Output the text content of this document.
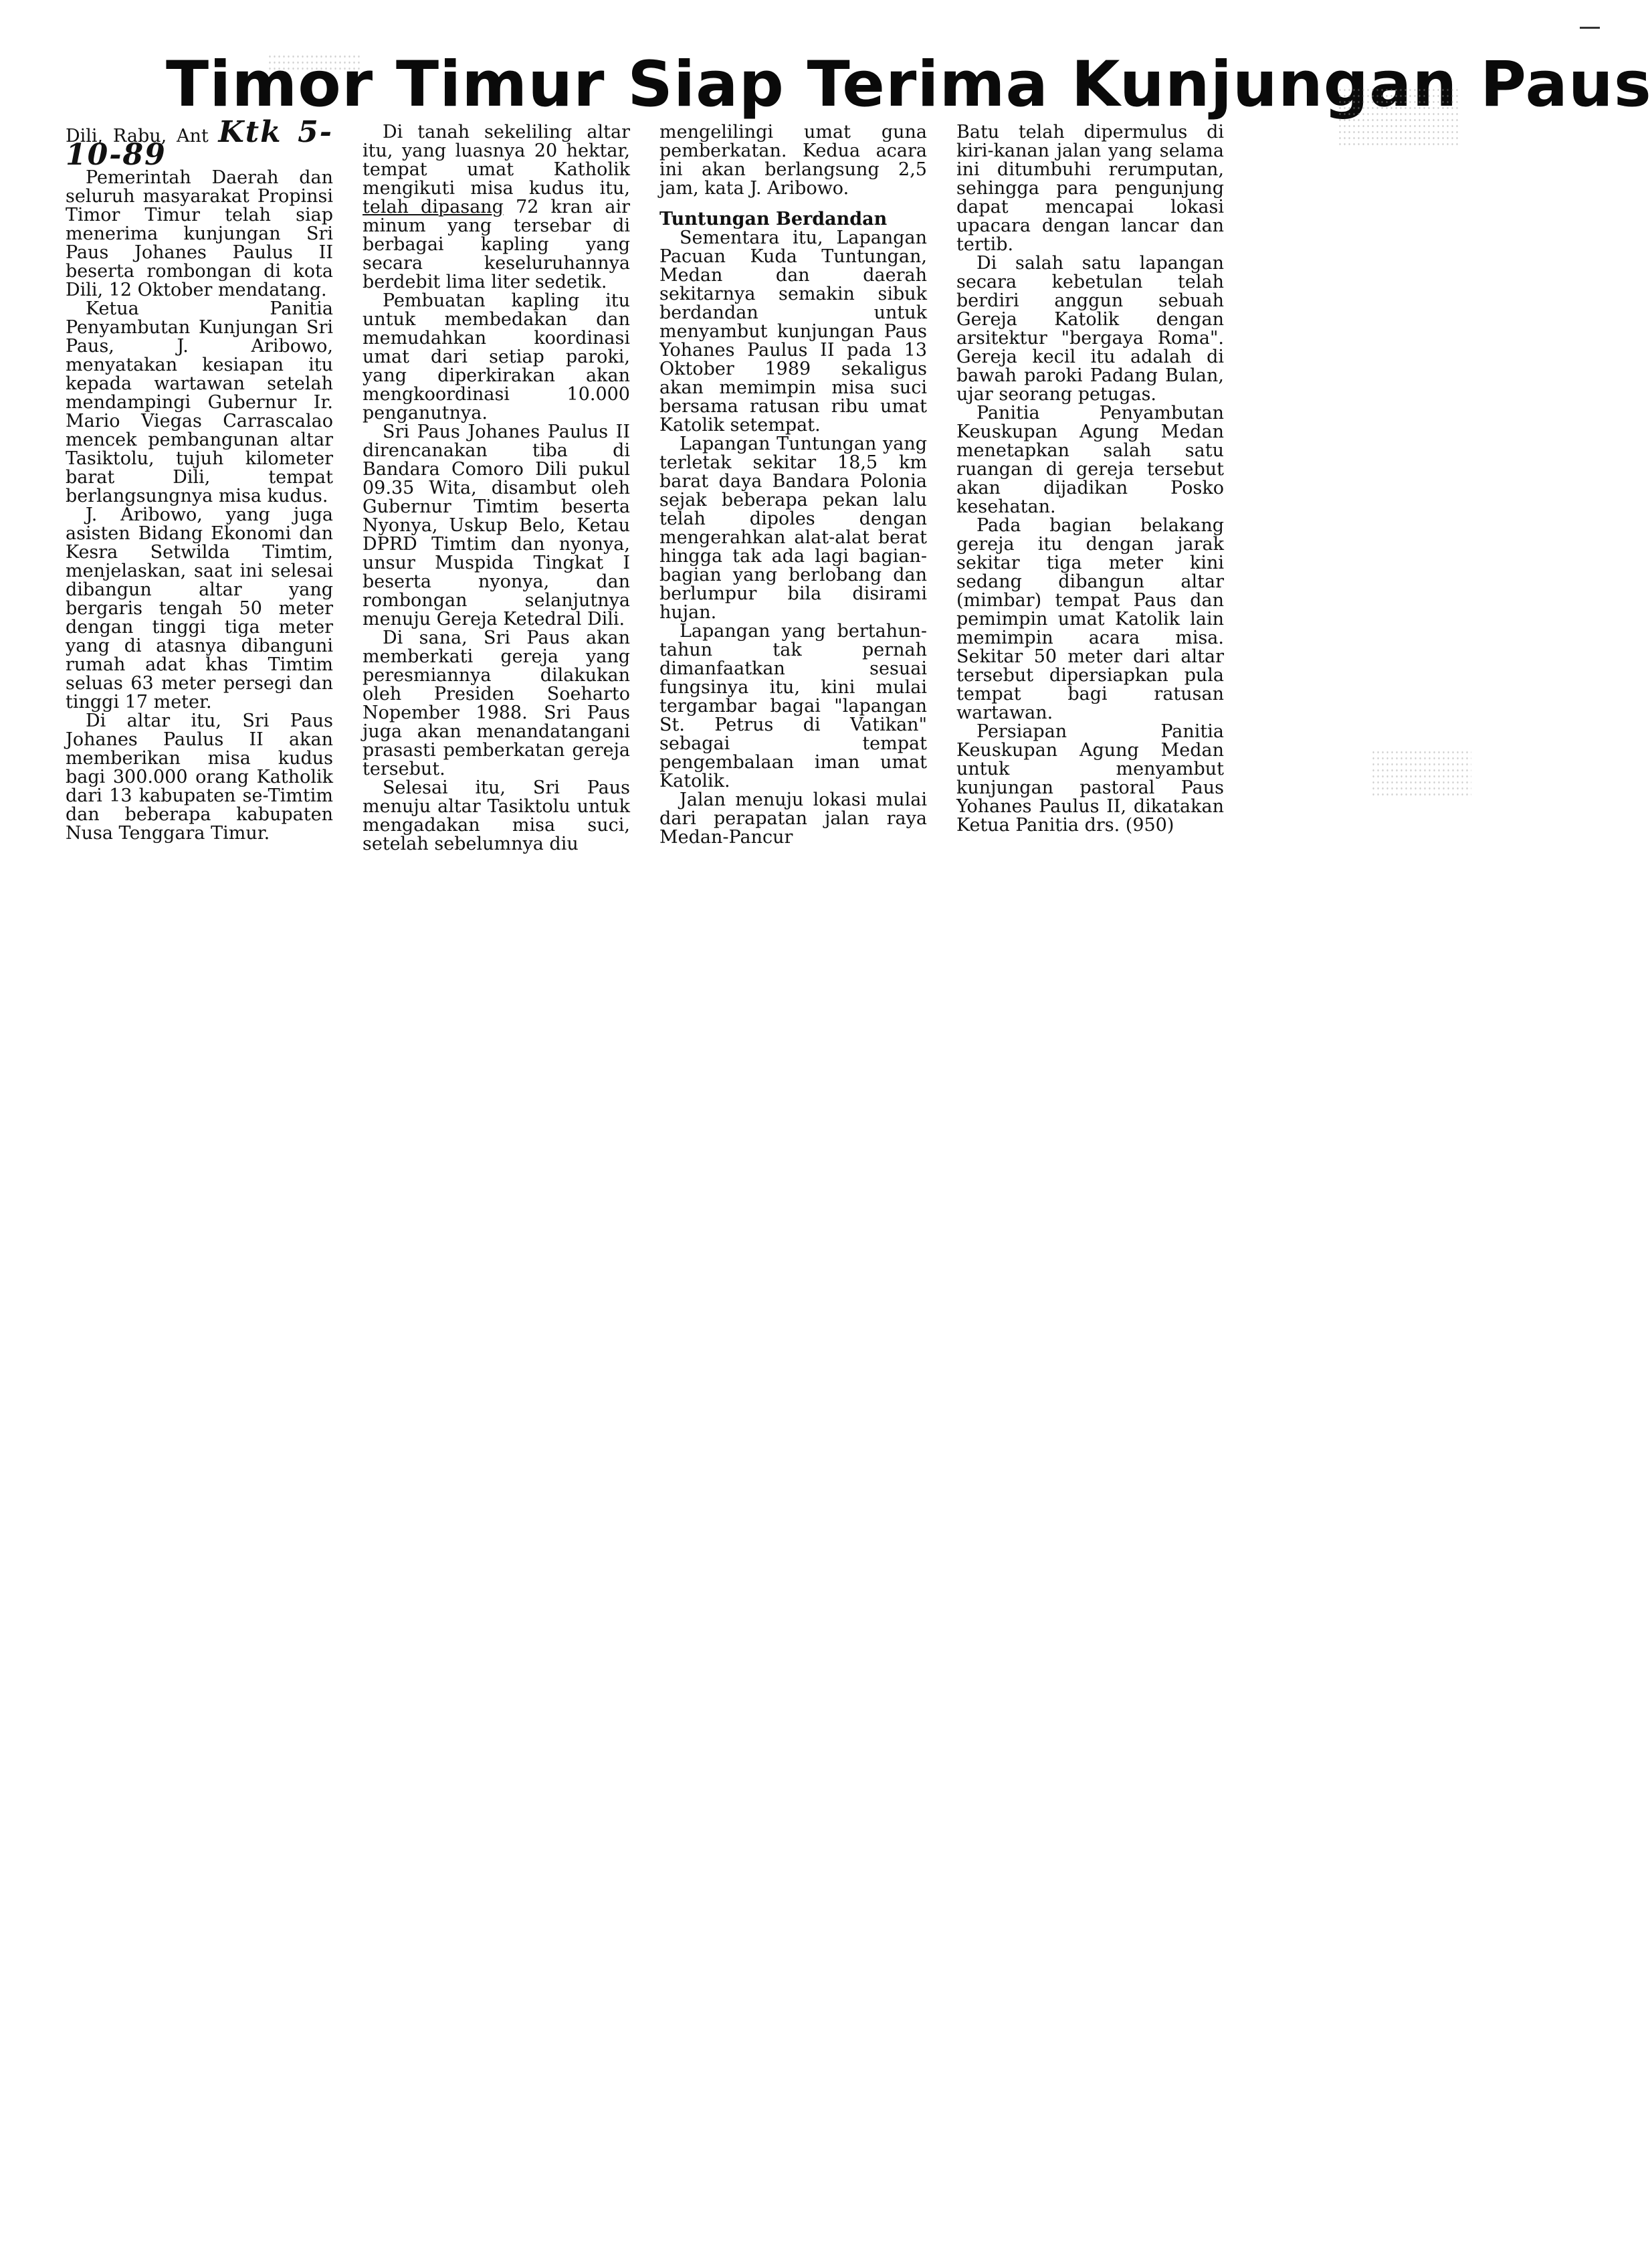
Timor Timur Siap Terima Kunjungan Paus

Dili, Rabu, Ant Ktk 5-10-89

Pemerintah Daerah dan seluruh masyarakat Propinsi Timor Timur telah siap menerima kunjungan Sri Paus Johanes Paulus II beserta rombongan di kota Dili, 12 Oktober mendatang.

Ketua Panitia Penyambutan Kunjungan Sri Paus, J. Aribowo, menyatakan kesiapan itu kepada wartawan setelah mendampingi Gubernur Ir. Mario Viegas Carrascalao mencek pembangunan altar Tasiktolu, tujuh kilometer barat Dili, tempat berlangsungnya misa kudus.

J. Aribowo, yang juga asisten Bidang Ekonomi dan Kesra Setwilda Timtim, menjelaskan, saat ini selesai dibangun altar yang bergaris tengah 50 meter dengan tinggi tiga meter yang di atasnya dibanguni rumah adat khas Timtim seluas 63 meter persegi dan tinggi 17 meter.

Di altar itu, Sri Paus Johanes Paulus II akan memberikan misa kudus bagi 300.000 orang Katholik dari 13 kabupaten se-Timtim dan beberapa kabupaten Nusa Tenggara Timur.

Di tanah sekeliling altar itu, yang luasnya 20 hektar, tempat umat Katholik mengikuti misa kudus itu, telah dipasang 72 kran air minum yang tersebar di berbagai kapling yang secara keseluruhannya berdebit lima liter sedetik.

Pembuatan kapling itu untuk membedakan dan memudahkan koordinasi umat dari setiap paroki, yang diperkirakan akan mengkoordinasi 10.000 penganutnya.

Sri Paus Johanes Paulus II direncanakan tiba di Bandara Comoro Dili pukul 09.35 Wita, disambut oleh Gubernur Timtim beserta Nyonya, Uskup Belo, Ketau DPRD Timtim dan nyonya, unsur Muspida Tingkat I beserta nyonya, dan rombongan selanjutnya menuju Gereja Ketedral Dili.

Di sana, Sri Paus akan memberkati gereja yang peresmiannya dilakukan oleh Presiden Soeharto Nopember 1988. Sri Paus juga akan menandatangani prasasti pemberkatan gereja tersebut.

Selesai itu, Sri Paus menuju altar Tasiktolu untuk mengadakan misa suci, setelah sebelumnya diu

mengelilingi umat guna pemberkatan. Kedua acara ini akan berlangsung 2,5 jam, kata J. Aribowo.

Tuntungan Berdandan

Sementara itu, Lapangan Pacuan Kuda Tuntungan, Medan dan daerah sekitarnya semakin sibuk berdandan untuk menyambut kunjungan Paus Yohanes Paulus II pada 13 Oktober 1989 sekaligus akan memimpin misa suci bersama ratusan ribu umat Katolik setempat.

Lapangan Tuntungan yang terletak sekitar 18,5 km barat daya Bandara Polonia sejak beberapa pekan lalu telah dipoles dengan mengerahkan alat-alat berat hingga tak ada lagi bagian-bagian yang berlobang dan berlumpur bila disirami hujan.

Lapangan yang bertahun-tahun tak pernah dimanfaatkan sesuai fungsinya itu, kini mulai tergambar bagai "lapangan St. Petrus di Vatikan" sebagai tempat pengembalaan iman umat Katolik.

Jalan menuju lokasi mulai dari perapatan jalan raya Medan-Pancur

Batu telah dipermulus di kiri-kanan jalan yang selama ini ditumbuhi rerumputan, sehingga para pengunjung dapat mencapai lokasi upacara dengan lancar dan tertib.

Di salah satu lapangan secara kebetulan telah berdiri anggun sebuah Gereja Katolik dengan arsitektur "bergaya Roma". Gereja kecil itu adalah di bawah paroki Padang Bulan, ujar seorang petugas.

Panitia Penyambutan Keuskupan Agung Medan menetapkan salah satu ruangan di gereja tersebut akan dijadikan Posko kesehatan.

Pada bagian belakang gereja itu dengan jarak sekitar tiga meter kini sedang dibangun altar (mimbar) tempat Paus dan pemimpin umat Katolik lain memimpin acara misa. Sekitar 50 meter dari altar tersebut dipersiapkan pula tempat bagi ratusan wartawan.

Persiapan Panitia Keuskupan Agung Medan untuk menyambut kunjungan pastoral Paus Yohanes Paulus II, dikatakan Ketua Panitia drs. (950)
